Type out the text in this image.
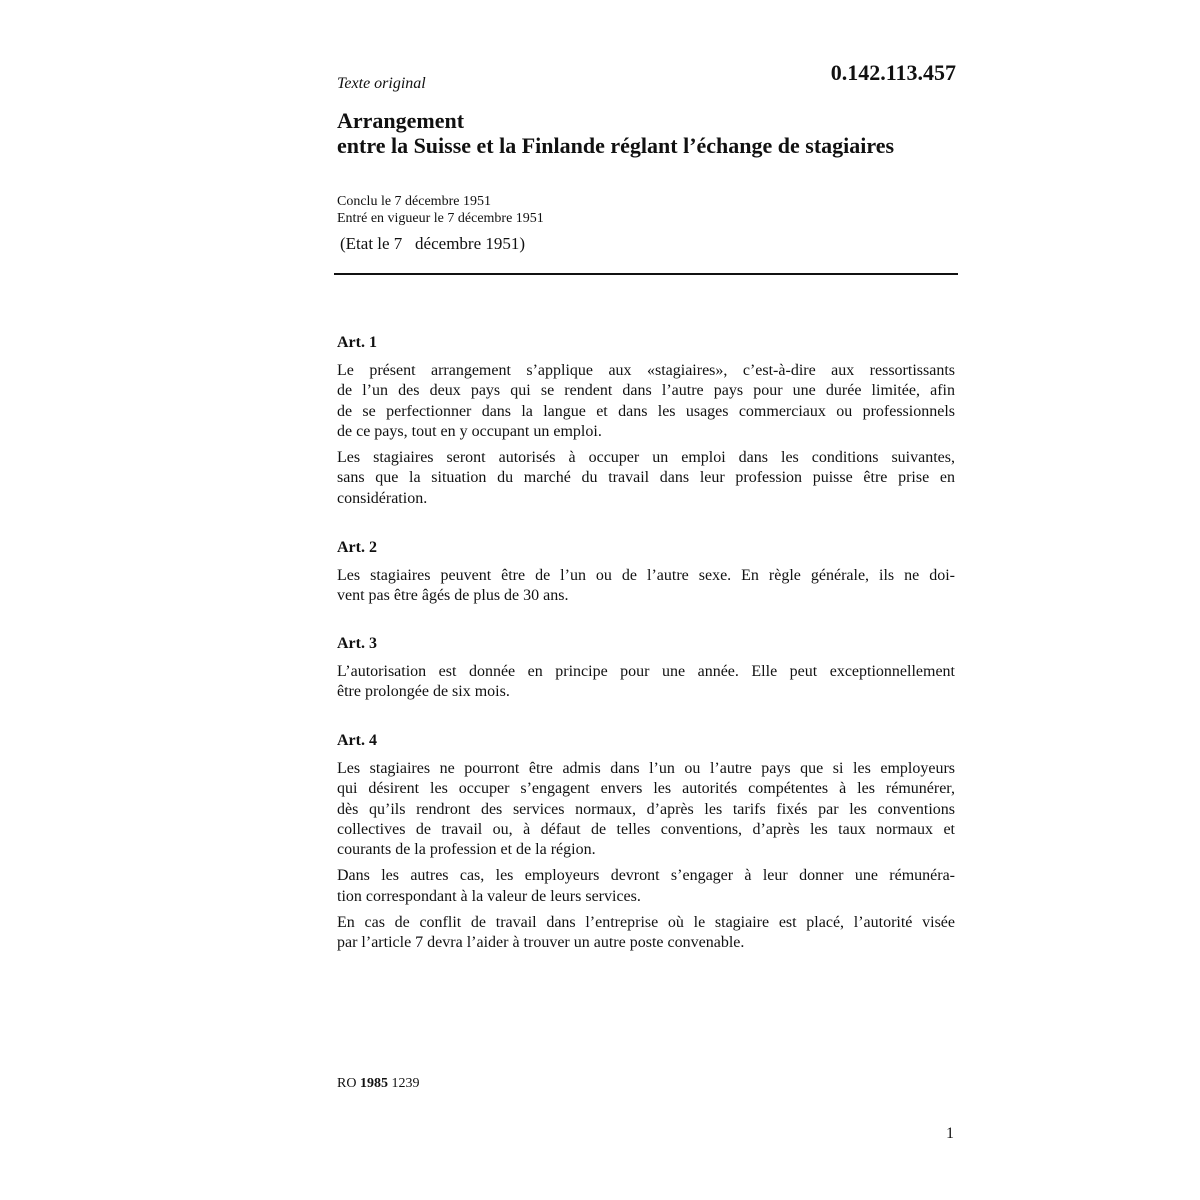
Texte original	0.142.113.457
Arrangement
entre la Suisse et la Finlande réglant l’échange de stagiaires
Conclu le 7 décembre 1951
Entré en vigueur le 7 décembre 1951
(Etat le 7   décembre 1951)
Art. 1
Le présent arrangement s’applique aux «stagiaires», c’est-à-dire aux ressortissants
de l’un des deux pays qui se rendent dans l’autre pays pour une durée limitée, afin
de se perfectionner dans la langue et dans les usages commerciaux ou professionnels
de ce pays, tout en y occupant un emploi.
Les stagiaires seront autorisés à occuper un emploi dans les conditions suivantes,
sans que la situation du marché du travail dans leur profession puisse être prise en
considération.
Art. 2
Les stagiaires peuvent être de l’un ou de l’autre sexe. En règle générale, ils ne doi-
vent pas être âgés de plus de 30 ans.
Art. 3
L’autorisation est donnée en principe pour une année. Elle peut exceptionnellement
être prolongée de six mois.
Art. 4
Les stagiaires ne pourront être admis dans l’un ou l’autre pays que si les employeurs
qui désirent les occuper s’engagent envers les autorités compétentes à les rémunérer,
dès qu’ils rendront des services normaux, d’après les tarifs fixés par les conventions
collectives de travail ou, à défaut de telles conventions, d’après les taux normaux et
courants de la profession et de la région.
Dans les autres cas, les employeurs devront s’engager à leur donner une rémunéra-
tion correspondant à la valeur de leurs services.
En cas de conflit de travail dans l’entreprise où le stagiaire est placé, l’autorité visée
par l’article 7 devra l’aider à trouver un autre poste convenable.
RO 1985 1239
1
